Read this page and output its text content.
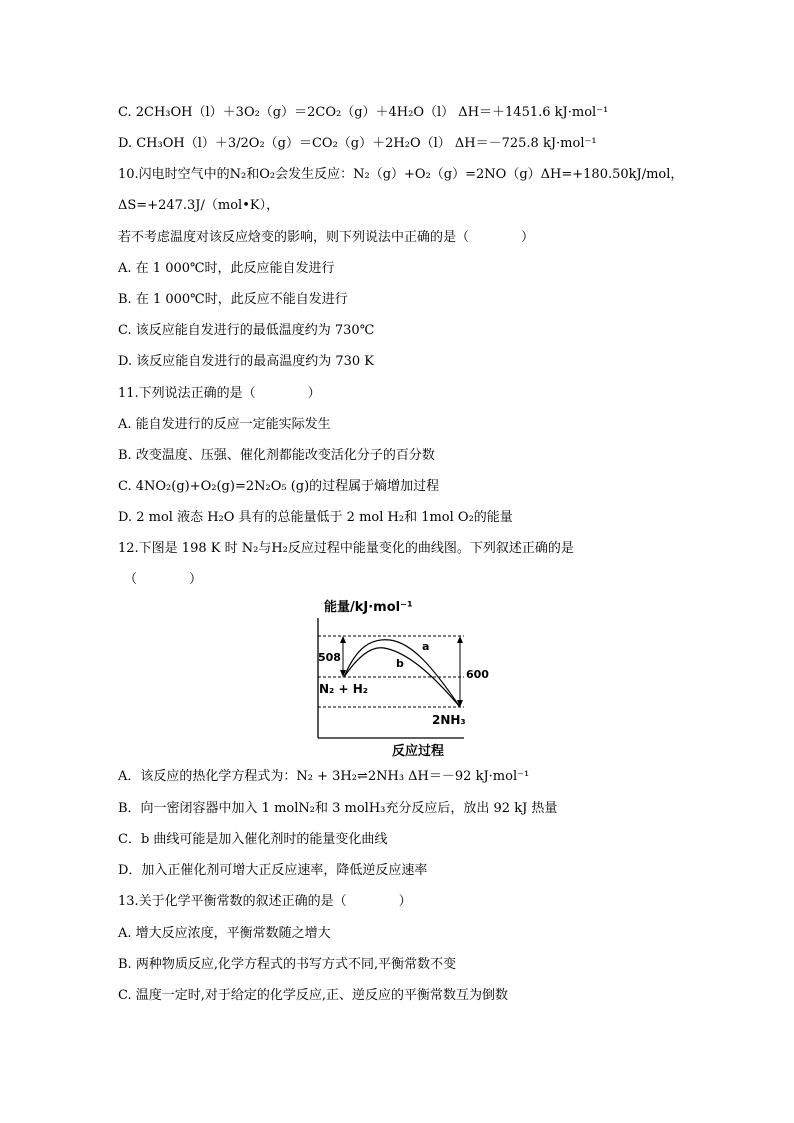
C. 2CH₃OH（l）＋3O₂（g）＝2CO₂（g）＋4H₂O（l） ΔH＝＋1451.6 kJ·mol⁻¹
D. CH₃OH（l）＋3/2O₂（g）＝CO₂（g）＋2H₂O（l） ΔH＝－725.8 kJ·mol⁻¹
10.闪电时空气中的N₂和O₂会发生反应：N₂（g）+O₂（g）=2NO（g）ΔH=+180.50kJ/mol，
ΔS=+247.3J/（mol•K），
若不考虑温度对该反应焓变的影响，则下列说法中正确的是（　　　　）
A. 在 1 000℃时，此反应能自发进行
B. 在 1 000℃时，此反应不能自发进行
C. 该反应能自发进行的最低温度约为 730℃
D. 该反应能自发进行的最高温度约为 730 K
11.下列说法正确的是（　　　　）
A. 能自发进行的反应一定能实际发生
B. 改变温度、压强、催化剂都能改变活化分子的百分数
C. 4NO₂(g)+O₂(g)=2N₂O₅ (g)的过程属于熵增加过程
D. 2 mol 液态 H₂O 具有的总能量低于 2 mol H₂和 1mol O₂的能量
12.下图是 198 K 时 N₂与H₂反应过程中能量变化的曲线图。下列叙述正确的是
（　　　　）
能量/kJ·mol⁻¹
508
600
a
b
N₂ + H₂
2NH₃
反应过程
A．该反应的热化学方程式为：N₂ + 3H₂⇌2NH₃ ΔH＝－92 kJ·mol⁻¹
B．向一密闭容器中加入 1 molN₂和 3 molH₃充分反应后，放出 92 kJ 热量
C．b 曲线可能是加入催化剂时的能量变化曲线
D．加入正催化剂可增大正反应速率，降低逆反应速率
13.关于化学平衡常数的叙述正确的是（　　　　）
A. 增大反应浓度，平衡常数随之增大
B. 两种物质反应,化学方程式的书写方式不同,平衡常数不变
C. 温度一定时,对于给定的化学反应,正、逆反应的平衡常数互为倒数
